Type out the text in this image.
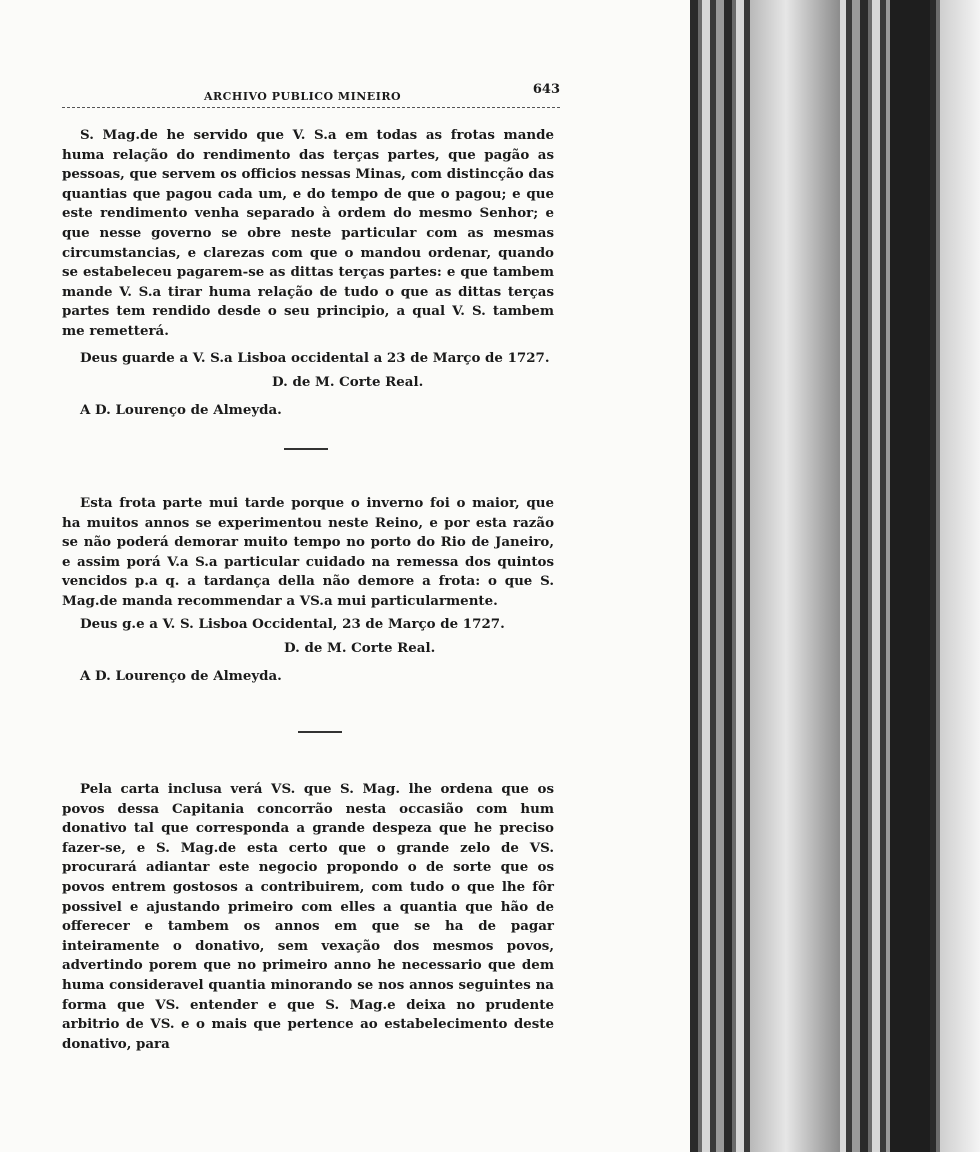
ARCHIVO PUBLICO MINEIRO	643

S. Mag.de he servido que V. S.a em todas as frotas mande huma relação do rendimento das terças partes, que pagão as pessoas, que servem os officios nessas Minas, com distincção das quantias que pagou cada um, e do tempo de que o pagou; e que este rendimento venha separado à ordem do mesmo Senhor; e que nesse governo se obre neste particular com as mesmas circumstancias, e clarezas com que o mandou ordenar, quando se estabeleceu pagarem-se as dittas terças partes: e que tambem mande V. S.a tirar huma relação de tudo o que as dittas terças partes tem rendido desde o seu principio, a qual V. S. tambem me remetterá.

Deus guarde a V. S.a Lisboa occidental a 23 de Março de 1727.

D. de M. Corte Real.

A D. Lourenço de Almeyda.

Esta frota parte mui tarde porque o inverno foi o maior, que ha muitos annos se experimentou neste Reino, e por esta razão se não poderá demorar muito tempo no porto do Rio de Janeiro, e assim porá V.a S.a particular cuidado na remessa dos quintos vencidos p.a q. a tardança della não demore a frota: o que S. Mag.de manda recommendar a VS.a mui particularmente.

Deus g.e a V. S. Lisboa Occidental, 23 de Março de 1727.

D. de M. Corte Real.

A D. Lourenço de Almeyda.

Pela carta inclusa verá VS. que S. Mag. lhe ordena que os povos dessa Capitania concorrão nesta occasião com hum donativo tal que corresponda a grande despeza que he preciso fazer-se, e S. Mag.de esta certo que o grande zelo de VS. procurará adiantar este negocio propondo o de sorte que os povos entrem gostosos a contribuirem, com tudo o que lhe fôr possivel e ajustando primeiro com elles a quantia que hão de offerecer e tambem os annos em que se ha de pagar inteiramente o donativo, sem vexação dos mesmos povos, advertindo porem que no primeiro anno he necessario que dem huma consideravel quantia minorando se nos annos seguintes na forma que VS. entender e que S. Mag.e deixa no prudente arbitrio de VS. e o mais que pertence ao estabelecimento deste donativo, para
